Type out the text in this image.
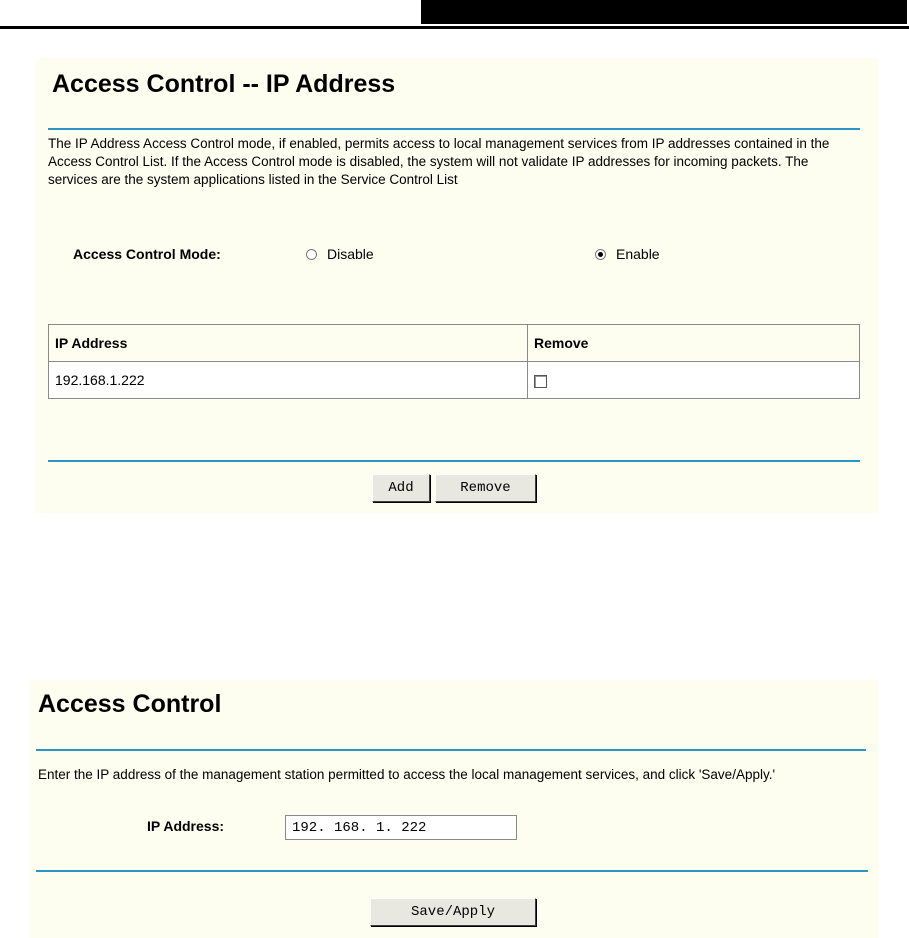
Access Control -- IP Address
The IP Address Access Control mode, if enabled, permits access to local management services from IP addresses contained in the Access Control List. If the Access Control mode is disabled, the system will not validate IP addresses for incoming packets. The services are the system applications listed in the Service Control List
Access Control Mode:	Disable	Enable
IP Address	Remove
192.168.1.222	
Add	Remove
Access Control
Enter the IP address of the management station permitted to access the local management services, and click 'Save/Apply.'
IP Address:
192. 168. 1. 222
Save/Apply
